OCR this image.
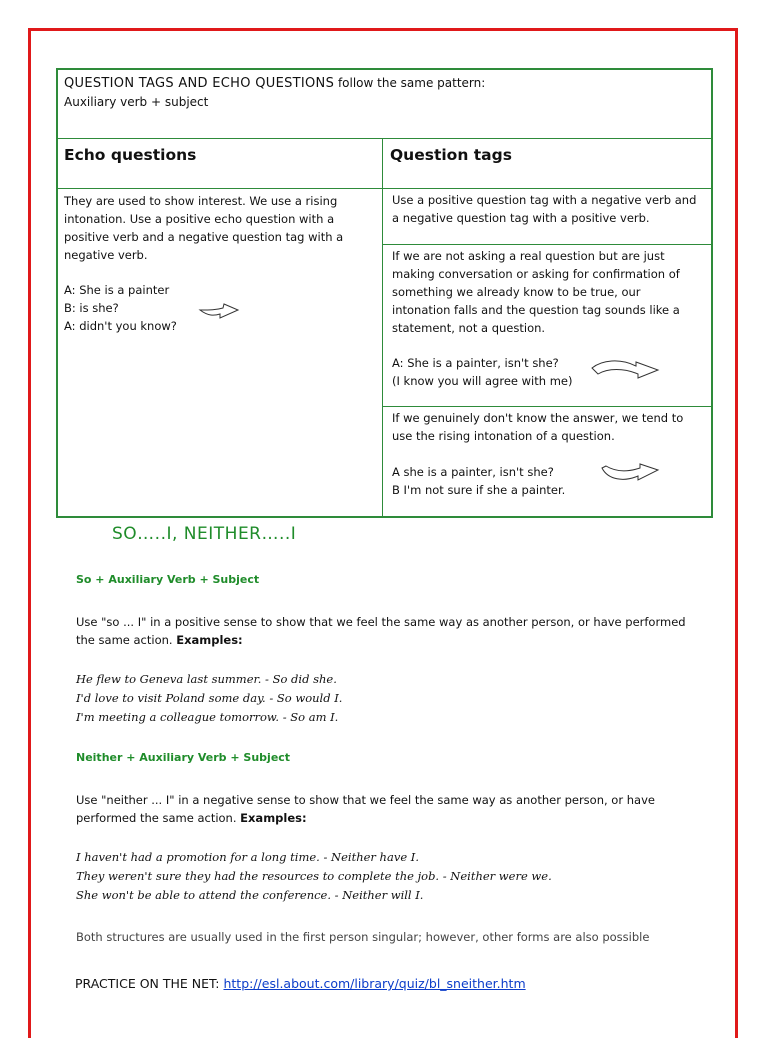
QUESTION TAGS AND ECHO QUESTIONS follow the same pattern:
Auxiliary verb + subject
Echo questions	Question tags
They are used to show interest. We use a rising
intonation. Use a positive echo question with a
positive verb and a negative question tag with a
negative verb.
A: She is a painter
B: is she?
A: didn't you know?
Use a positive question tag with a negative verb and
a negative question tag with a positive verb.
If we are not asking a real question but are just
making conversation or asking for confirmation of
something we already know to be true, our
intonation falls and the question tag sounds like a
statement, not a question.
A: She is a painter, isn't she?
(I know you will agree with me)
If we genuinely don't know the answer, we tend to
use the rising intonation of a question.
A she is a painter, isn't she?
B I'm not sure if she a painter.
SO…..I, NEITHER…..I
So + Auxiliary Verb + Subject
Use "so ... I" in a positive sense to show that we feel the same way as another person, or have performed
the same action. Examples:
He flew to Geneva last summer. - So did she.
I'd love to visit Poland some day. - So would I.
I'm meeting a colleague tomorrow. - So am I.
Neither + Auxiliary Verb + Subject
Use "neither ... I" in a negative sense to show that we feel the same way as another person, or have
performed the same action. Examples:
I haven't had a promotion for a long time. - Neither have I.
They weren't sure they had the resources to complete the job. - Neither were we.
She won't be able to attend the conference. - Neither will I.
Both structures are usually used in the first person singular; however, other forms are also possible
PRACTICE ON THE NET: http://esl.about.com/library/quiz/bl_sneither.htm
